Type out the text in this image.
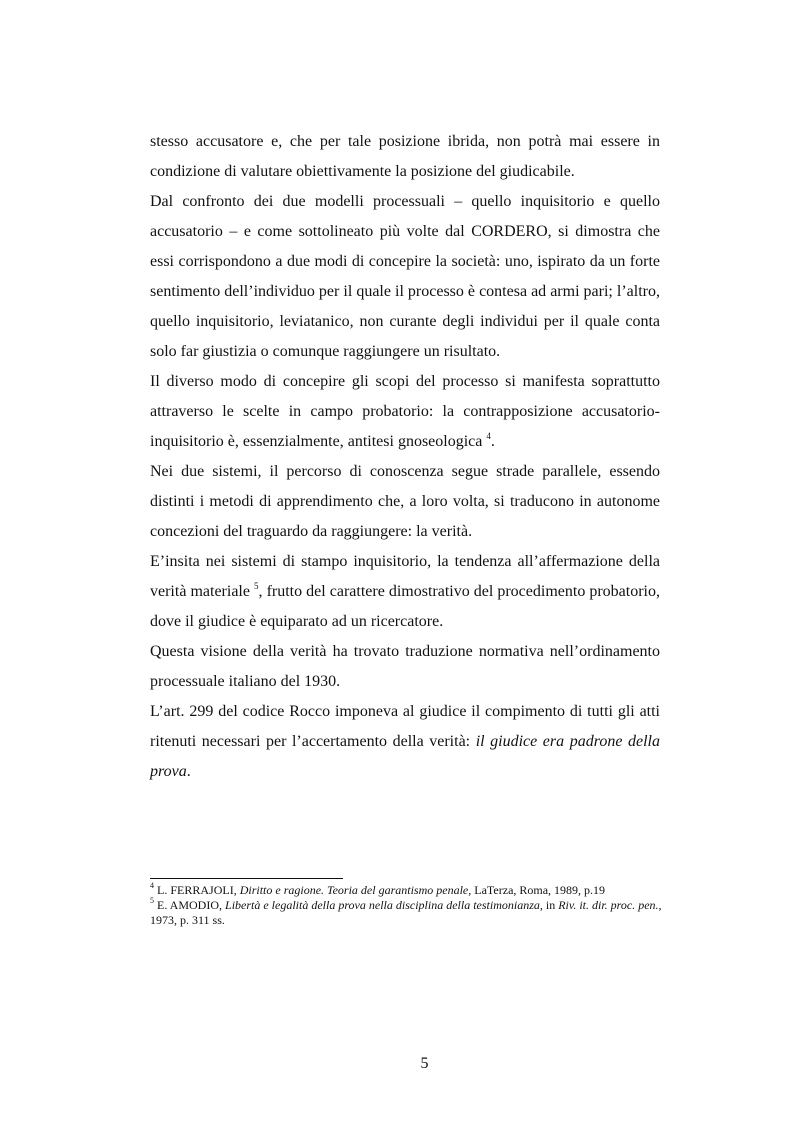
stesso accusatore e, che per tale posizione ibrida, non potrà mai essere in condizione di valutare obiettivamente la posizione del giudicabile.

Dal confronto dei due modelli processuali – quello inquisitorio e quello accusatorio – e come sottolineato più volte dal CORDERO, si dimostra che essi corrispondono a due modi di concepire la società: uno, ispirato da un forte sentimento dell’individuo per il quale il processo è contesa ad armi pari; l’altro, quello inquisitorio, leviatanico, non curante degli individui per il quale conta solo far giustizia o comunque raggiungere un risultato.

Il diverso modo di concepire gli scopi del processo si manifesta soprattutto attraverso le scelte in campo probatorio: la contrapposizione accusatorio-inquisitorio è, essenzialmente, antitesi gnoseologica $^4$.

Nei due sistemi, il percorso di conoscenza segue strade parallele, essendo distinti i metodi di apprendimento che, a loro volta, si traducono in autonome concezioni del traguardo da raggiungere: la verità.

E’insita nei sistemi di stampo inquisitorio, la tendenza all’affermazione della verità materiale $^5$, frutto del carattere dimostrativo del procedimento probatorio, dove il giudice è equiparato ad un ricercatore.

Questa visione della verità ha trovato traduzione normativa nell’ordinamento processuale italiano del 1930.

L’art. 299 del codice Rocco imponeva al giudice il compimento di tutti gli atti ritenuti necessari per l’accertamento della verità: il giudice era padrone della prova.

$^4$ L. FERRAJOLI, Diritto e ragione. Teoria del garantismo penale, LaTerza, Roma, 1989, p.19

$^5$ E. AMODIO, Libertà e legalità della prova nella disciplina della testimonianza, in Riv. it. dir. proc. pen., 1973, p. 311 ss.

5
